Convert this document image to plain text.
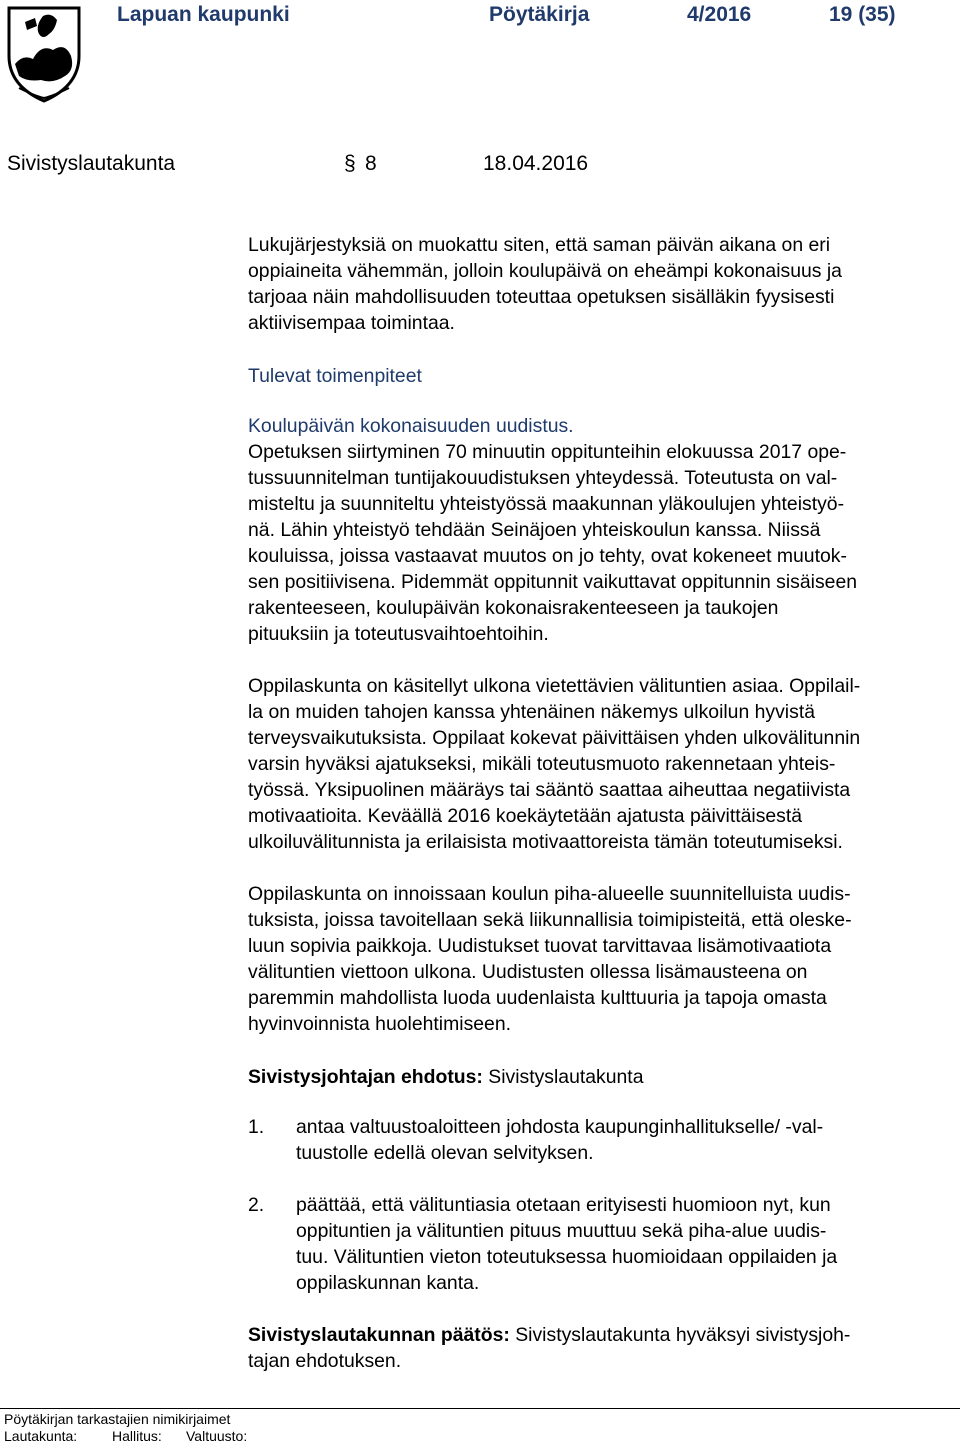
Lapuan kaupunki	Pöytäkirja	4/2016	19 (35)
Sivistyslautakunta	§ 8	18.04.2016
Lukujärjestyksiä on muokattu siten, että saman päivän aikana on eri
oppiaineita vähemmän, jolloin koulupäivä on eheämpi kokonaisuus ja
tarjoaa näin mahdollisuuden toteuttaa opetuksen sisälläkin fyysisesti
aktiivisempaa toimintaa.
Tulevat toimenpiteet
Koulupäivän kokonaisuuden uudistus.
Opetuksen siirtyminen 70 minuutin oppitunteihin elokuussa 2017 ope-
tussuunnitelman tuntijakouudistuksen yhteydessä. Toteutusta on val-
misteltu ja suunniteltu yhteistyössä maakunnan yläkoulujen yhteistyö-
nä. Lähin yhteistyö tehdään Seinäjoen yhteiskoulun kanssa. Niissä
kouluissa, joissa vastaavat muutos on jo tehty, ovat kokeneet muutok-
sen positiivisena. Pidemmät oppitunnit vaikuttavat oppitunnin sisäiseen
rakenteeseen, koulupäivän kokonaisrakenteeseen ja taukojen
pituuksiin ja toteutusvaihtoehtoihin.
Oppilaskunta on käsitellyt ulkona vietettävien välituntien asiaa. Oppilail-
la on muiden tahojen kanssa yhtenäinen näkemys ulkoilun hyvistä
terveysvaikutuksista. Oppilaat kokevat päivittäisen yhden ulkovälitunnin
varsin hyväksi ajatukseksi, mikäli toteutusmuoto rakennetaan yhteis-
työssä. Yksipuolinen määräys tai sääntö saattaa aiheuttaa negatiivista
motivaatioita. Keväällä 2016 koekäytetään ajatusta päivittäisestä
ulkoiluvälitunnista ja erilaisista motivaattoreista tämän toteutumiseksi.
Oppilaskunta on innoissaan koulun piha-alueelle suunnitelluista uudis-
tuksista, joissa tavoitellaan sekä liikunnallisia toimipisteitä, että oleske-
luun sopivia paikkoja. Uudistukset tuovat tarvittavaa lisämotivaatiota
välituntien viettoon ulkona. Uudistusten ollessa lisämausteena on
paremmin mahdollista luoda uudenlaista kulttuuria ja tapoja omasta
hyvinvoinnista huolehtimiseen.
Sivistysjohtajan ehdotus: Sivistyslautakunta
1. antaa valtuustoaloitteen johdosta kaupunginhallitukselle/ -val-
tuustolle edellä olevan selvityksen.
2. päättää, että välituntiasia otetaan erityisesti huomioon nyt, kun
oppituntien ja välituntien pituus muuttuu sekä piha-alue uudis-
tuu. Välituntien vieton toteutuksessa huomioidaan oppilaiden ja
oppilaskunnan kanta.
Sivistyslautakunnan päätös: Sivistyslautakunta hyväksyi sivistysjoh-
tajan ehdotuksen.
Pöytäkirjan tarkastajien nimikirjaimet
Lautakunta: Hallitus: Valtuusto:
